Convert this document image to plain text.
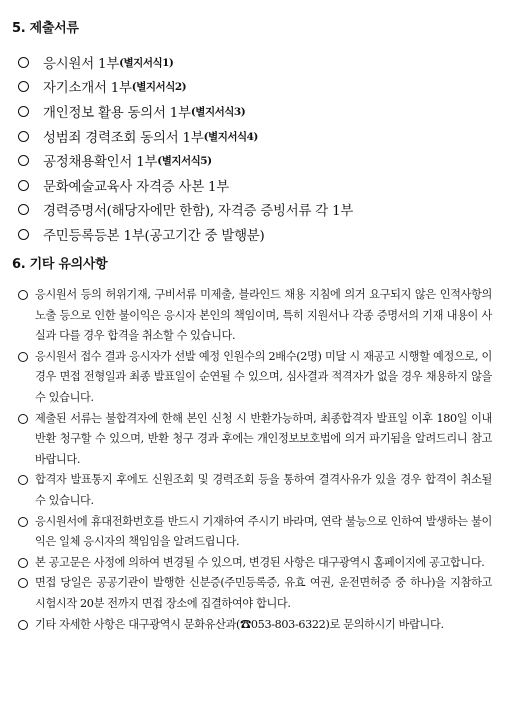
5. 제출서류
응시원서 1부 (별지서식1)
자기소개서 1부 (별지서식2)
개인정보 활용 동의서 1부 (별지서식3)
성범죄 경력조회 동의서 1부 (별지서식4)
공정채용확인서 1부 (별지서식5)
문화예술교육사 자격증 사본 1부
경력증명서(해당자에만 한함), 자격증 증빙서류 각 1부
주민등록등본 1부(공고기간 중 발행분)
6. 기타 유의사항
응시원서 등의 허위기재, 구비서류 미제출, 블라인드 채용 지침에 의거 요구되지 않은 인적사항의 노출 등으로 인한 불이익은 응시자 본인의 책임이며, 특히 지원서나 각종 증명서의 기재 내용이 사실과 다를 경우 합격을 취소할 수 있습니다.
응시원서 접수 결과 응시자가 선발 예정 인원수의 2배수(2명) 미달 시 재공고 시행할 예정으로, 이 경우 면접 전형일과 최종 발표일이 순연될 수 있으며, 심사결과 적격자가 없을 경우 채용하지 않을 수 있습니다.
제출된 서류는 불합격자에 한해 본인 신청 시 반환가능하며, 최종합격자 발표일 이후 180일 이내 반환 청구할 수 있으며, 반환 청구 경과 후에는 개인정보보호법에 의거 파기됨을 알려드리니 참고 바랍니다.
합격자 발표통지 후에도 신원조회 및 경력조회 등을 통하여 결격사유가 있을 경우 합격이 취소될 수 있습니다.
응시원서에 휴대전화번호를 반드시 기재하여 주시기 바라며, 연락 불능으로 인하여 발생하는 불이익은 일체 응시자의 책임임을 알려드립니다.
본 공고문은 사정에 의하여 변경될 수 있으며, 변경된 사항은 대구광역시 홈페이지에 공고합니다.
면접 당일은 공공기관이 발행한 신분증(주민등록증, 유효 여권, 운전면허증 중 하나)을 지참하고 시험시작 20분 전까지 면접 장소에 집결하여야 합니다.
기타 자세한 사항은 대구광역시 문화유산과(☎053-803-6322)로 문의하시기 바랍니다.
